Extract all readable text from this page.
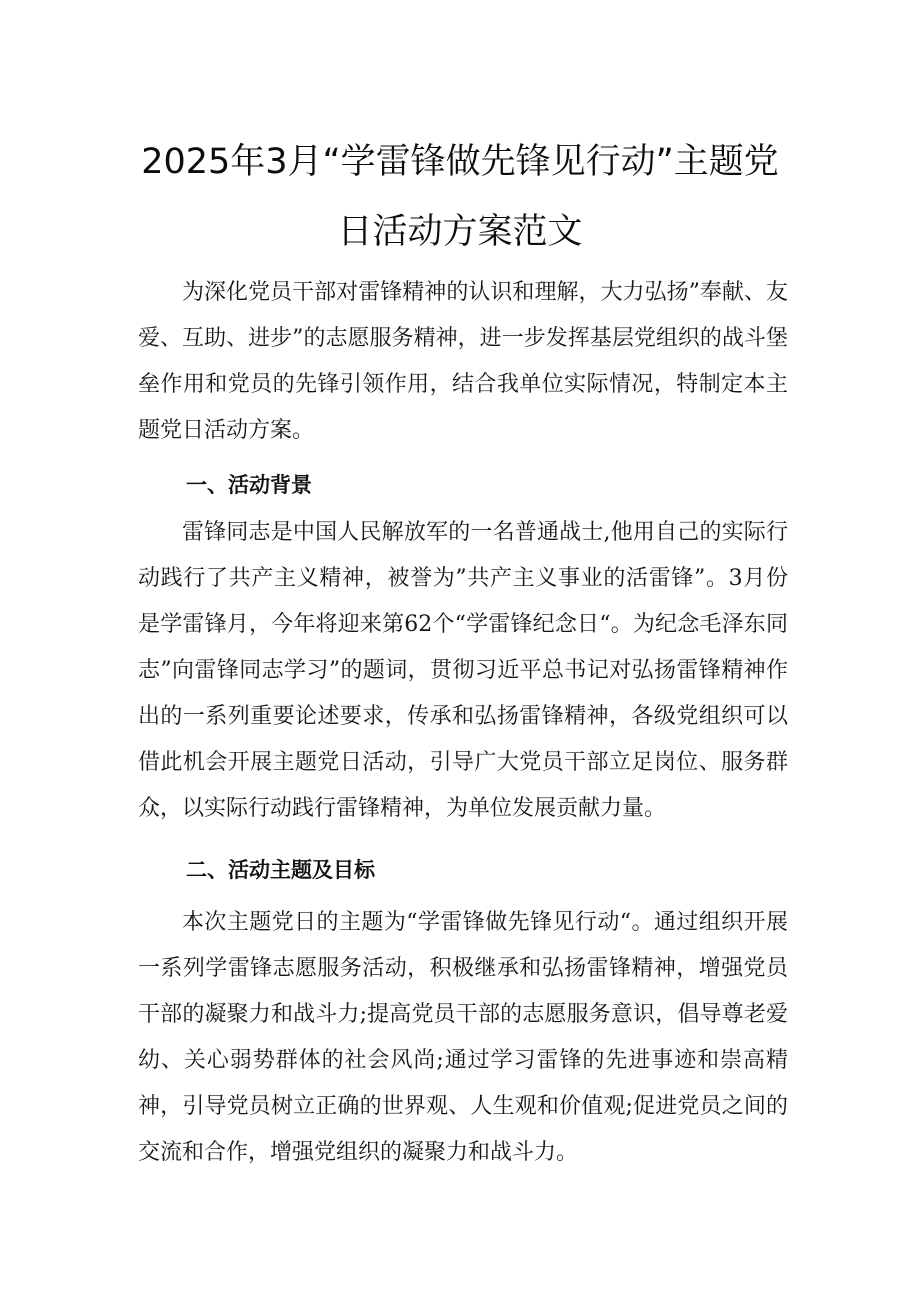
2025年3月“学雷锋做先锋见行动”主题党
日活动方案范文

为深化党员干部对雷锋精神的认识和理解，大力弘扬”奉献、友爱、互助、进步”的志愿服务精神，进一步发挥基层党组织的战斗堡垒作用和党员的先锋引领作用，结合我单位实际情况，特制定本主题党日活动方案。

一、活动背景

雷锋同志是中国人民解放军的一名普通战士,他用自己的实际行动践行了共产主义精神，被誉为”共产主义事业的活雷锋”。3月份是学雷锋月，今年将迎来第62个“学雷锋纪念日“。为纪念毛泽东同志”向雷锋同志学习”的题词，贯彻习近平总书记对弘扬雷锋精神作出的一系列重要论述要求，传承和弘扬雷锋精神，各级党组织可以借此机会开展主题党日活动，引导广大党员干部立足岗位、服务群众，以实际行动践行雷锋精神，为单位发展贡献力量。

二、活动主题及目标

本次主题党日的主题为“学雷锋做先锋见行动“。通过组织开展一系列学雷锋志愿服务活动，积极继承和弘扬雷锋精神，增强党员干部的凝聚力和战斗力;提高党员干部的志愿服务意识，倡导尊老爱幼、关心弱势群体的社会风尚;通过学习雷锋的先进事迹和崇高精神，引导党员树立正确的世界观、人生观和价值观;促进党员之间的交流和合作，增强党组织的凝聚力和战斗力。
